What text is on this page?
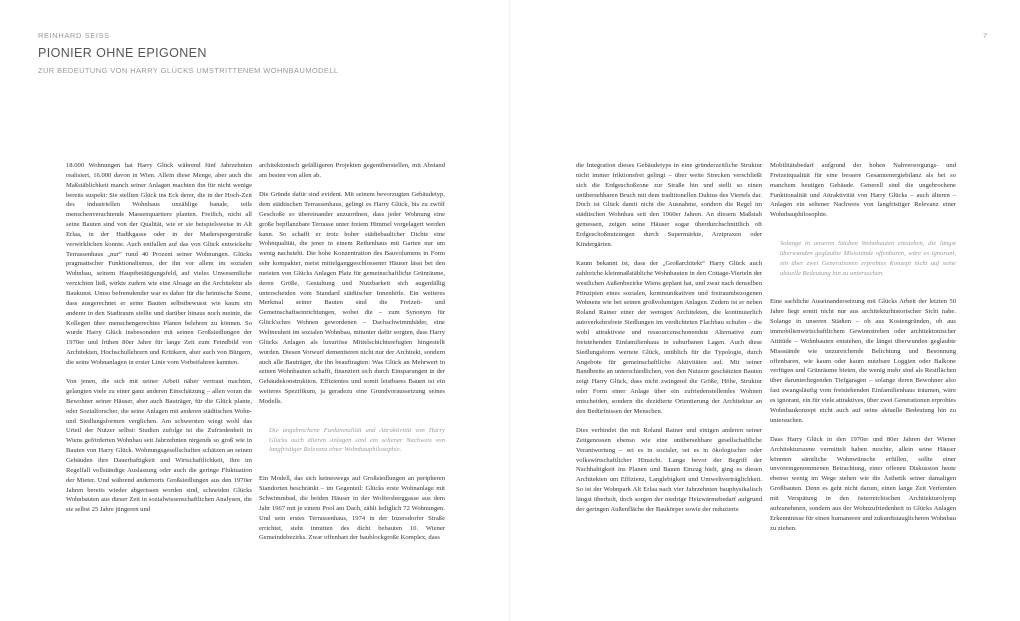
REINHARD SEISS
PIONIER OHNE EPIGONEN
ZUR BEDEUTUNG VON HARRY GLÜCKS UMSTRITTENEM WOHNBAUMODELL
7

18.000 Wohnungen hat Harry Glück während fünf Jahrzehnten realisiert, 16.000 davon in Wien. Allein diese Menge, aber auch die Maßstäblichkeit manch seiner Anlagen machten ihn für nicht wenige bereits suspekt: Sie stellten Glück ins Eck derer, die in der Hoch-Zeit des industriellen Wohnbaus unzählige banale, teils menschenverachtende Massenquartiere planten. Freilich, nicht all seine Bauten sind von der Qualität, wie er sie beispielsweise in Alt Erlaa, in der Hadikgasse oder in der Maderspergerstraße verwirklichen konnte. Auch entfallen auf das von Glück entwickelte Terrassenhaus „nur“ rund 40 Prozent seiner Wohnungen. Glücks pragmatischer Funktionalismus, der ihn vor allem im sozialen Wohnbau, seinem Hauptbetätigungsfeld, auf vieles Unwesentliche verzichten ließ, wirkte zudem wie eine Absage an die Architektur als Baukunst. Umso befremdender war es daher für die heimische Szene, dass ausgerechnet er seine Bauten selbstbewusst wie kaum ein anderer in den Stadtraum stellte und darüber hinaus noch meinte, die Kollegen über menschengerechtes Planen belehren zu können. So wurde Harry Glück insbesondere mit seinen Großsiedlungen der 1970er und frühen 80er Jahre für lange Zeit zum Feindbild von Architekten, Hochschullehrern und Kritikern, aber auch von Bürgern, die seine Wohnanlagen in erster Linie vom Vorbeifahren kannten.

Von jenen, die sich mit seiner Arbeit näher vertraut machten, gelangten viele zu einer ganz anderen Einschätzung – allen voran die Bewohner seiner Häuser, aber auch Bauträger, für die Glück plante, oder Sozialforscher, die seine Anlagen mit anderen städtischen Wohn- und Siedlungsformen verglichen. Am schwersten wiegt wohl das Urteil der Nutzer selbst: Studien zufolge ist die Zufriedenheit in Wiens geförderten Wohnbau seit Jahrzehnten nirgends so groß wie in Bauten von Harry Glück. Wohnungsgesellschaften schätzen an seinen Gebäuden ihre Dauerhaftigkeit und Wirtschaftlichkeit, ihre im Regelfall vollständige Auslastung oder auch die geringe Fluktuation der Mieter. Und während andernorts Großsiedlungen aus den 1970er Jahren bereits wieder abgerissen worden sind, schneiden Glücks Wohnbauten aus dieser Zeit in sozialwissenschaftlichen Analysen, die sie selbst 25 Jahre jüngeren und

architektonisch gefälligeren Projekten gegenüberstellen, mit Abstand am besten von allen ab.

Die Gründe dafür sind evident. Mit seinem bevorzugten Gebäudetyp, dem städtischen Terrassenhaus, gelingt es Harry Glück, bis zu zwölf Geschoße so übereinander anzuordnen, dass jeder Wohnung eine große bepflanzbare Terrasse unter freiem Himmel vorgelagert werden kann. So schafft er trotz hoher städtebaulicher Dichte eine Wohnqualität, die jener in einem Reihenhaus mit Garten nur um wenig nachsteht. Die hohe Konzentration des Bauvolumens in Form sehr kompakter, meist mittelganggeschlossener Häuser lässt bei den meisten von Glücks Anlagen Platz für gemeinschaftliche Grünräume, deren Größe, Gestaltung und Nutzbarkeit sich augenfällig unterscheiden vom Standard städtischer Innenhöfe. Ein weiteres Merkmal seiner Bauten sind die Freizeit- und Gemeinschaftseinrichtungen, wobei die – zum Synonym für Glück'sches Wohnen gewordenen – Dachschwimmbäder, eine Weltneuheit im sozialen Wohnbau, mitunter dafür sorgten, dass Harry Glücks Anlagen als luxuriöse Mittelschichtsrefugien hingestellt wurden. Diesen Vorwurf dementieren nicht nur der Architekt, sondern auch alle Bauträger, die ihn beauftragten: Was Glück an Mehrwert in seinen Wohnbauten schafft, finanziert sich durch Einsparungen in der Gebäudekonstruktion. Effizientes und somit leistbares Bauen ist ein weiteres Spezifikum, ja geradezu eine Grundvoraussetzung seines Modells.

Die ungebrochene Funktionalität und Attraktivität von Harry Glücks auch älteren Anlagen sind ein seltener Nachweis von langfristiger Relevanz einer Wohnbauphilosophie.

Ein Modell, das sich keineswegs auf Großsiedlungen an peripheren Standorten beschränkt – im Gegenteil: Glücks erste Wohnanlage mit Schwimmbad, die beiden Häuser in der Wolfersberggasse aus dem Jahr 1967 mit je einem Pool am Dach, zählt lediglich 72 Wohnungen. Und sein erstes Terrassenhaus, 1974 in der Inzersdorfer Straße errichtet, steht inmitten des dicht bebauten 10. Wiener Gemeindebezirks. Zwar offenbart der baublockgroße Komplex, dass

die Integration dieses Gebäudetyps in eine gründerzeitliche Struktur nicht immer friktionsfrei gelingt – über weite Strecken verschließt sich die Erdgeschoßzone zur Straße hin und stellt so einen unübersehbaren Bruch mit dem traditionellen Duktus des Viertels dar. Doch ist Glück damit nicht die Ausnahme, sondern die Regel im städtischen Wohnbau seit den 1960er Jahren. An diesem Maßstab gemessen, zeigen seine Häuser sogar überdurchschnittlich oft Erdgeschoßnutzungen durch Supermärkte, Arztpraxen oder Kindergärten.

Kaum bekannt ist, dass der „Großarchitekt“ Harry Glück auch zahlreiche kleinmaßstäbliche Wohnbauten in den Cottage-Vierteln der westlichen Außenbezirke Wiens geplant hat, und zwar nach denselben Prinzipien eines sozialen, kommunikativen und freiraumbezogenen Wohnens wie bei seinen großvolumigen Anlagen. Zudem ist er neben Roland Rainer einer der wenigen Architekten, die kontinuierlich autoverkehrsfreie Siedlungen im verdichteten Flachbau schufen – die wohl attraktivste und ressourcenschonendste Alternative zum freistehenden Einfamilienhaus in suburbanen Lagen. Auch diese Siedlungsform wertete Glück, unüblich für die Typologie, durch Angebote für gemeinschaftliche Aktivitäten auf. Mit seiner Bandbreite an unterschiedlichen, von den Nutzern geschätzten Bauten zeigt Harry Glück, dass nicht zwingend die Größe, Höhe, Struktur oder Form einer Anlage über ein zufriedenstellendes Wohnen entscheiden, sondern die dezidierte Orientierung der Architektur an den Bedürfnissen der Menschen.

Dies verbindet ihn mit Roland Rainer und einigen anderen seiner Zeitgenossen ebenso wie eine unübersehbare gesellschaftliche Verantwortung – sei es in sozialer, sei es in ökologischer oder volkswirtschaftlicher Hinsicht. Lange bevor der Begriff der Nachhaltigkeit ins Planen und Bauen Einzug hielt, ging es diesen Architekten um Effizienz, Langlebigkeit und Umweltverträglichkeit. So ist der Wohnpark Alt Erlaa nach vier Jahrzehnten bauphysikalisch längst überholt, doch sorgen der niedrige Heizwärmebedarf aufgrund der geringen Außenfläche der Baukörper sowie der reduzierte

Mobilitätsbedarf aufgrund der hohen Nahversorgungs- und Freizeitqualität für eine bessere Gesamtenergiebilanz als bei so manchem heutigen Gebäude. Generell sind die ungebrochene Funktionalität und Attraktivität von Harry Glücks – auch älteren – Anlagen ein seltener Nachweis von langfristiger Relevanz einer Wohnbauphilosophie.

Solange in unseren Städten Wohnbauten entstehen, die längst überwunden geglaubte Missstände offenbaren, wäre es ignorant, ein über zwei Generationen erprobtes Konzept nicht auf seine aktuelle Bedeutung hin zu untersuchen.

Eine sachliche Auseinandersetzung mit Glücks Arbeit der letzten 50 Jahre liegt somit nicht nur aus architekturhistorischer Sicht nahe. Solange in unseren Städten – ob aus Kostengründen, ob aus immobilienwirtschaftlichem Gewinnstreben oder architektonischer Attitüde – Wohnbauten entstehen, die längst überwunden geglaubte Missstände wie unzureichende Belichtung und Besonnung offenbaren, wie kaum oder kaum nutzbare Loggien oder Balkone verfügen und Grünräume bieten, die wenig mehr sind als Restflächen über darunterliegenden Tiefgaragen – solange deren Bewohner also fast zwangsläufig vom freistehenden Einfamilienhaus träumen, wäre es ignorant, ein für viele attraktives, über zwei Generationen erprobtes Wohnbaukonzept nicht auch auf seine aktuelle Bedeutung hin zu untersuchen.

Dass Harry Glück in den 1970er und 80er Jahren der Wiener Architekturszene vermittelt haben mochte, allein seine Häuser könnten sämtliche Wohnwünsche erfüllen, sollte einer unvoreingenommenen Betrachtung, einer offenen Diskussion heute ebenso wenig im Wege stehen wie die Ästhetik seiner damaligen Großbauten. Denn es geht nicht darum, einen lange Zeit Verfemten mit Verspätung in den österreichischen Architekturolymp aufzunehmen, sondern aus der Wohnzufriedenheit in Glücks Anlagen Erkenntnisse für einen humaneren und zukunftstauglicheren Wohnbau zu ziehen.
